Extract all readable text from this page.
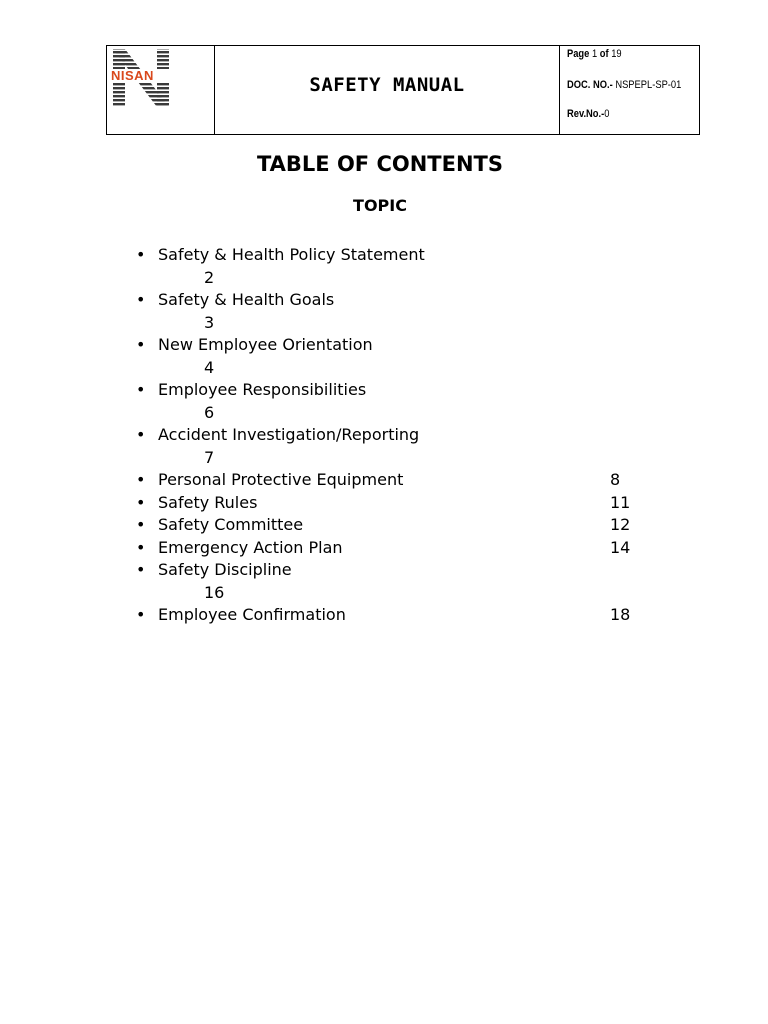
NISAN	SAFETY MANUAL
Page 1 of 19
DOC. NO.- NSPEPL-SP-01
Rev.No.-0
TABLE OF CONTENTS
TOPIC
• Safety & Health Policy Statement
2
• Safety & Health Goals
3
• New Employee Orientation
4
• Employee Responsibilities
6
• Accident Investigation/Reporting
7
• Personal Protective Equipment	8
• Safety Rules	11
• Safety Committee	12
• Emergency Action Plan	14
• Safety Discipline
16
• Employee Confirmation	18
